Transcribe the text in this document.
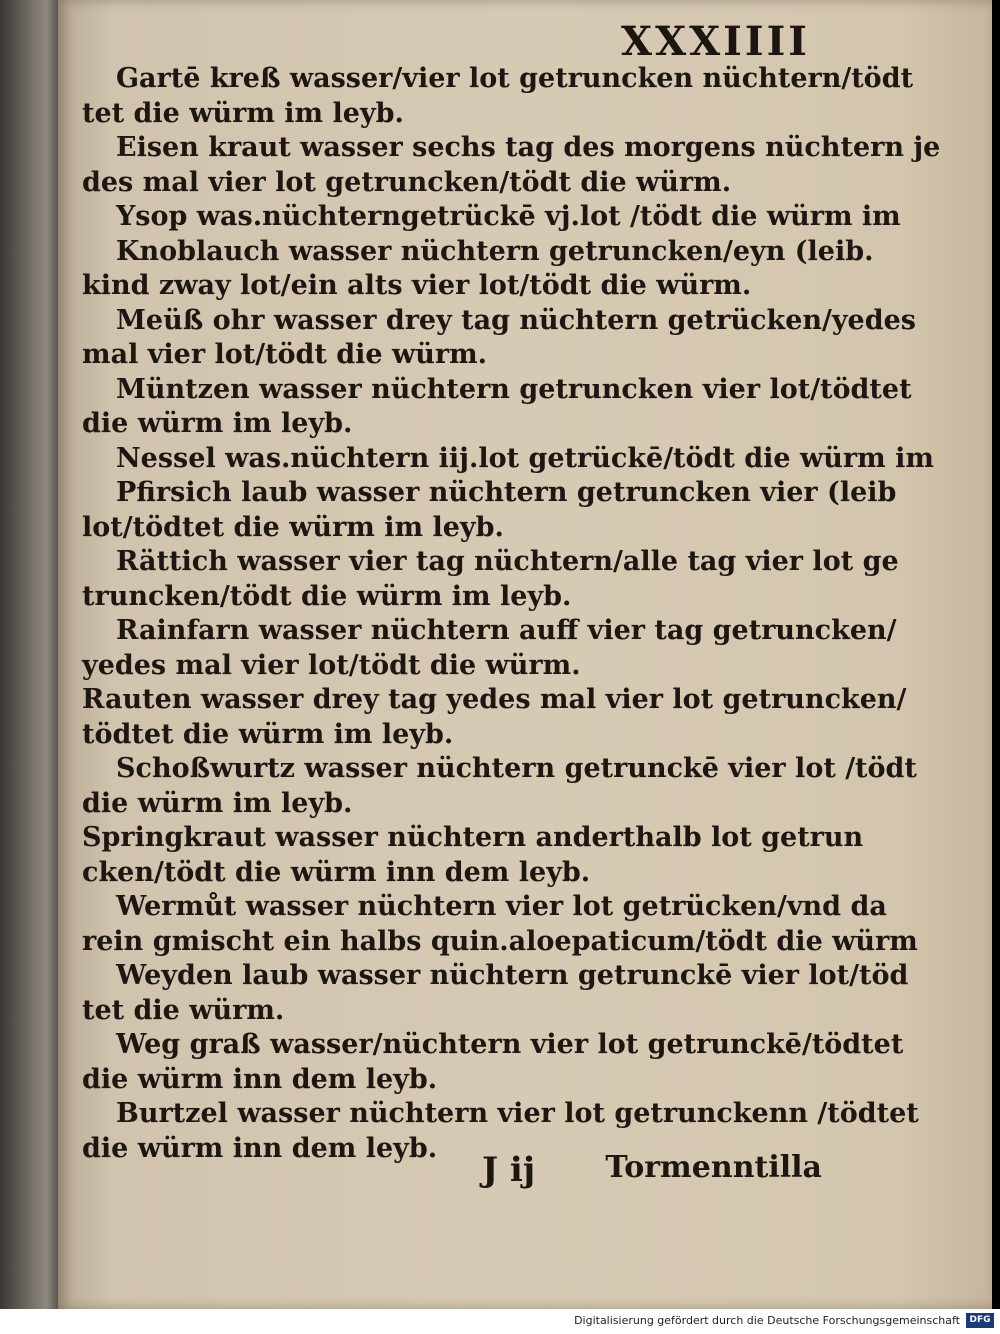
XXXIIII
Gartē kreß wasser/vier lot getruncken nüchtern/tödt
tet die würm im leyb.
Eisen kraut wasser sechs tag des morgens nüchtern je
des mal vier lot getruncken/tödt die würm.
Ysop was.nüchterngetrückē vj.lot /tödt die würm im
Knoblauch wasser nüchtern getruncken/eyn (leib.
kind zway lot/ein alts vier lot/tödt die würm.
Meüß ohr wasser drey tag nüchtern getrücken/yedes
mal vier lot/tödt die würm.
Müntzen wasser nüchtern getruncken vier lot/tödtet
die würm im leyb.
Nessel was.nüchtern iij.lot getrückē/tödt die würm im
Pfirsich laub wasser nüchtern getruncken vier (leib
lot/tödtet die würm im leyb.
Rättich wasser vier tag nüchtern/alle tag vier lot ge
truncken/tödt die würm im leyb.
Rainfarn wasser nüchtern auff vier tag getruncken/
yedes mal vier lot/tödt die würm.
Rauten wasser drey tag yedes mal vier lot getruncken/
tödtet die würm im leyb.
Schoßwurtz wasser nüchtern getrunckē vier lot /tödt
die würm im leyb.
Springkraut wasser nüchtern anderthalb lot getrun
cken/tödt die würm inn dem leyb.
Wermůt wasser nüchtern vier lot getrücken/vnd da
rein gmischt ein halbs quin.aloepaticum/tödt die würm
Weyden laub wasser nüchtern getrunckē vier lot/töd
tet die würm.
Weg graß wasser/nüchtern vier lot getrunckē/tödtet
die würm inn dem leyb.
Burtzel wasser nüchtern vier lot getrunckenn /tödtet
die würm inn dem leyb.
J ij Tormenntilla
Digitalisierung gefördert durch die Deutsche Forschungsgemeinschaft	DFG
